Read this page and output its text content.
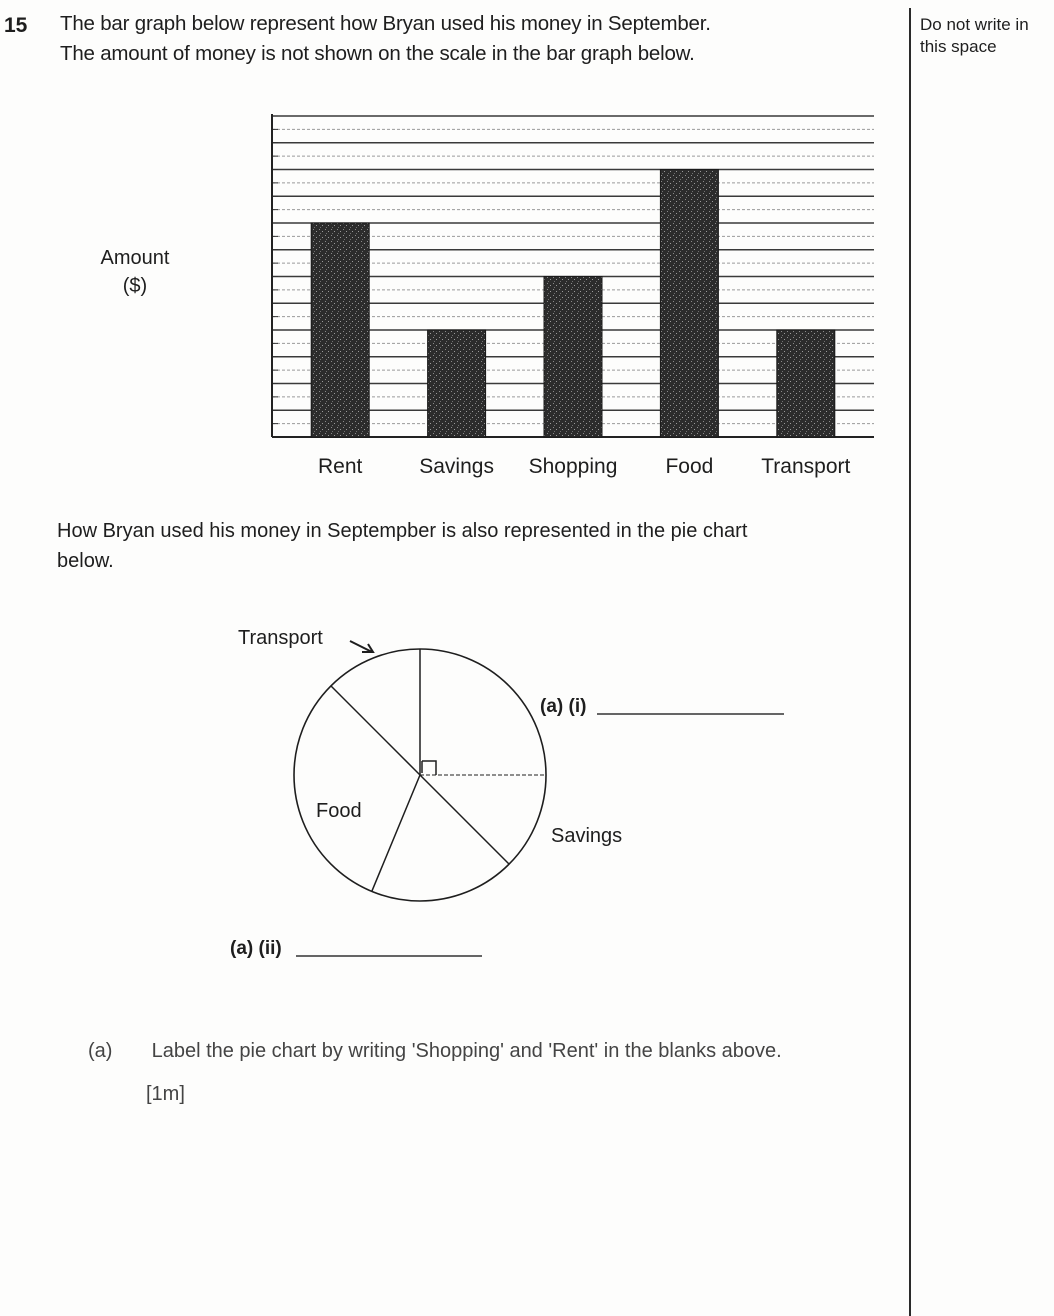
15 The bar graph below represent how Bryan used his money in September.
The amount of money is not shown on the scale in the bar graph below.
Do not write in this space
Amount
($)
Rent	Savings Shopping Food Transport
How Bryan used his money in Septempber is also represented in the pie chart
below.
Transport
Food
Savings
(a) (i)
(a) (ii)
(a) Label the pie chart by writing 'Shopping' and 'Rent' in the blanks above.
[1m]
